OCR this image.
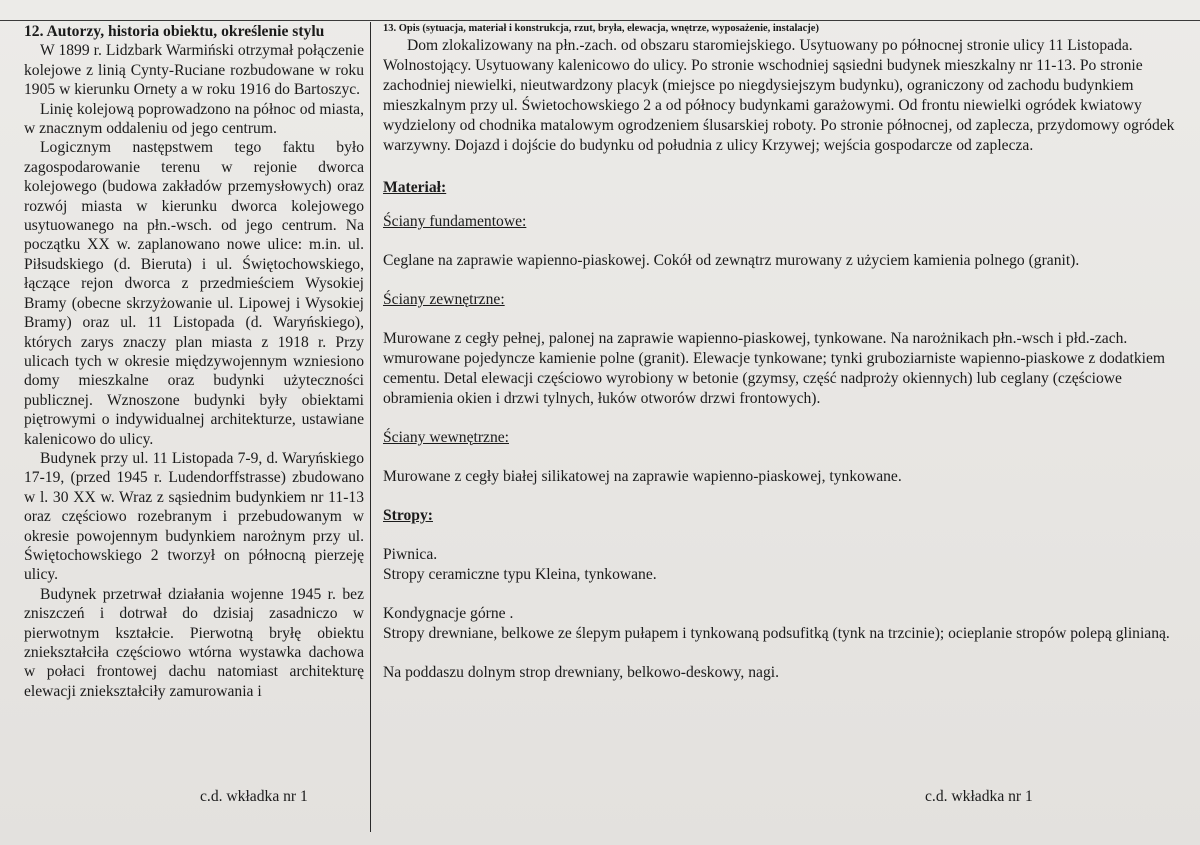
12. Autorzy, historia obiektu, określenie stylu

W 1899 r. Lidzbark Warmiński otrzymał połączenie kolejowe z linią Cynty-Ruciane rozbudowane w roku 1905 w kierunku Ornety a w roku 1916 do Bartoszyc.

Linię kolejową poprowadzono na północ od miasta, w znacznym oddaleniu od jego centrum.

Logicznym następstwem tego faktu było zagospodarowanie terenu w rejonie dworca kolejowego (budowa zakładów przemysłowych) oraz rozwój miasta w kierunku dworca kolejowego usytuowanego na płn.-wsch. od jego centrum. Na początku XX w. zaplanowano nowe ulice: m.in. ul. Piłsudskiego (d. Bieruta) i ul. Świętochowskiego, łączące rejon dworca z przedmieściem Wysokiej Bramy (obecne skrzyżowanie ul. Lipowej i Wysokiej Bramy) oraz ul. 11 Listopada (d. Waryńskiego), których zarys znaczy plan miasta z 1918 r. Przy ulicach tych w okresie międzywojennym wzniesiono domy mieszkalne oraz budynki użyteczności publicznej. Wznoszone budynki były obiektami piętrowymi o indywidualnej architekturze, ustawiane kalenicowo do ulicy.

Budynek przy ul. 11 Listopada 7-9, d. Waryńskiego 17-19, (przed 1945 r. Ludendorffstrasse) zbudowano w l. 30 XX w. Wraz z sąsiednim budynkiem nr 11-13 oraz częściowo rozebranym i przebudowanym w okresie powojennym budynkiem narożnym przy ul. Świętochowskiego 2 tworzył on północną pierzeję ulicy.

Budynek przetrwał działania wojenne 1945 r. bez zniszczeń i dotrwał do dzisiaj zasadniczo w pierwotnym kształcie. Pierwotną bryłę obiektu zniekształciła częściowo wtórna wystawka dachowa w połaci frontowej dachu natomiast architekturę elewacji zniekształciły zamurowania i

13. Opis (sytuacja, materiał i konstrukcja, rzut, bryła, elewacja, wnętrze, wyposażenie, instalacje)

Dom zlokalizowany na płn.-zach. od obszaru staromiejskiego. Usytuowany po północnej stronie ulicy 11 Listopada. Wolnostojący. Usytuowany kalenicowo do ulicy. Po stronie wschodniej sąsiedni budynek mieszkalny nr 11-13. Po stronie zachodniej niewielki, nieutwardzony placyk (miejsce po niegdysiejszym budynku), ograniczony od zachodu budynkiem mieszkalnym przy ul. Świetochowskiego 2 a od północy budynkami garażowymi. Od frontu niewielki ogródek kwiatowy wydzielony od chodnika matalowym ogrodzeniem ślusarskiej roboty. Po stronie północnej, od zaplecza, przydomowy ogródek warzywny. Dojazd i dojście do budynku od południa z ulicy Krzywej; wejścia gospodarcze od zaplecza.

Materiał:

Ściany fundamentowe:

Ceglane na zaprawie wapienno-piaskowej. Cokół od zewnątrz murowany z użyciem kamienia polnego (granit).

Ściany zewnętrzne:

Murowane z cegły pełnej, palonej na zaprawie wapienno-piaskowej, tynkowane. Na narożnikach płn.-wsch i płd.-zach. wmurowane pojedyncze kamienie polne (granit). Elewacje tynkowane; tynki gruboziarniste wapienno-piaskowe z dodatkiem cementu. Detal elewacji częściowo wyrobiony w betonie (gzymsy, część nadproży okiennych) lub ceglany (częściowe obramienia okien i drzwi tylnych, łuków otworów drzwi frontowych).

Ściany wewnętrzne:

Murowane z cegły białej silikatowej na zaprawie wapienno-piaskowej, tynkowane.

Stropy:

Piwnica.

Stropy ceramiczne typu Kleina, tynkowane.

Kondygnacje górne .

Stropy drewniane, belkowe ze ślepym pułapem i tynkowaną podsufitką (tynk na trzcinie); ocieplanie stropów polepą glinianą.

Na poddaszu dolnym strop drewniany, belkowo-deskowy, nagi.

c.d. wkładka nr 1	c.d. wkładka nr 1
